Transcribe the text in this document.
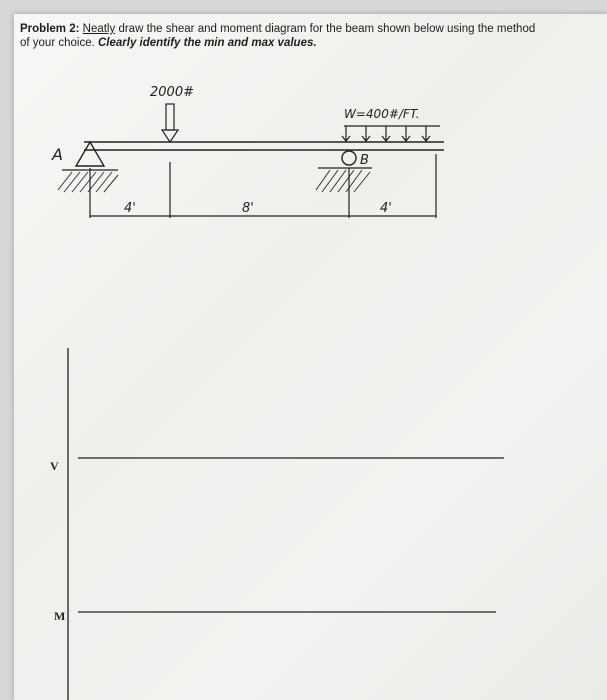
Problem 2: Neatly draw the shear and moment diagram for the beam shown below using the method of your choice. Clearly identify the min and max values.
A	B
2000#
W=400#/FT.
4'	8'	4'
V
M
